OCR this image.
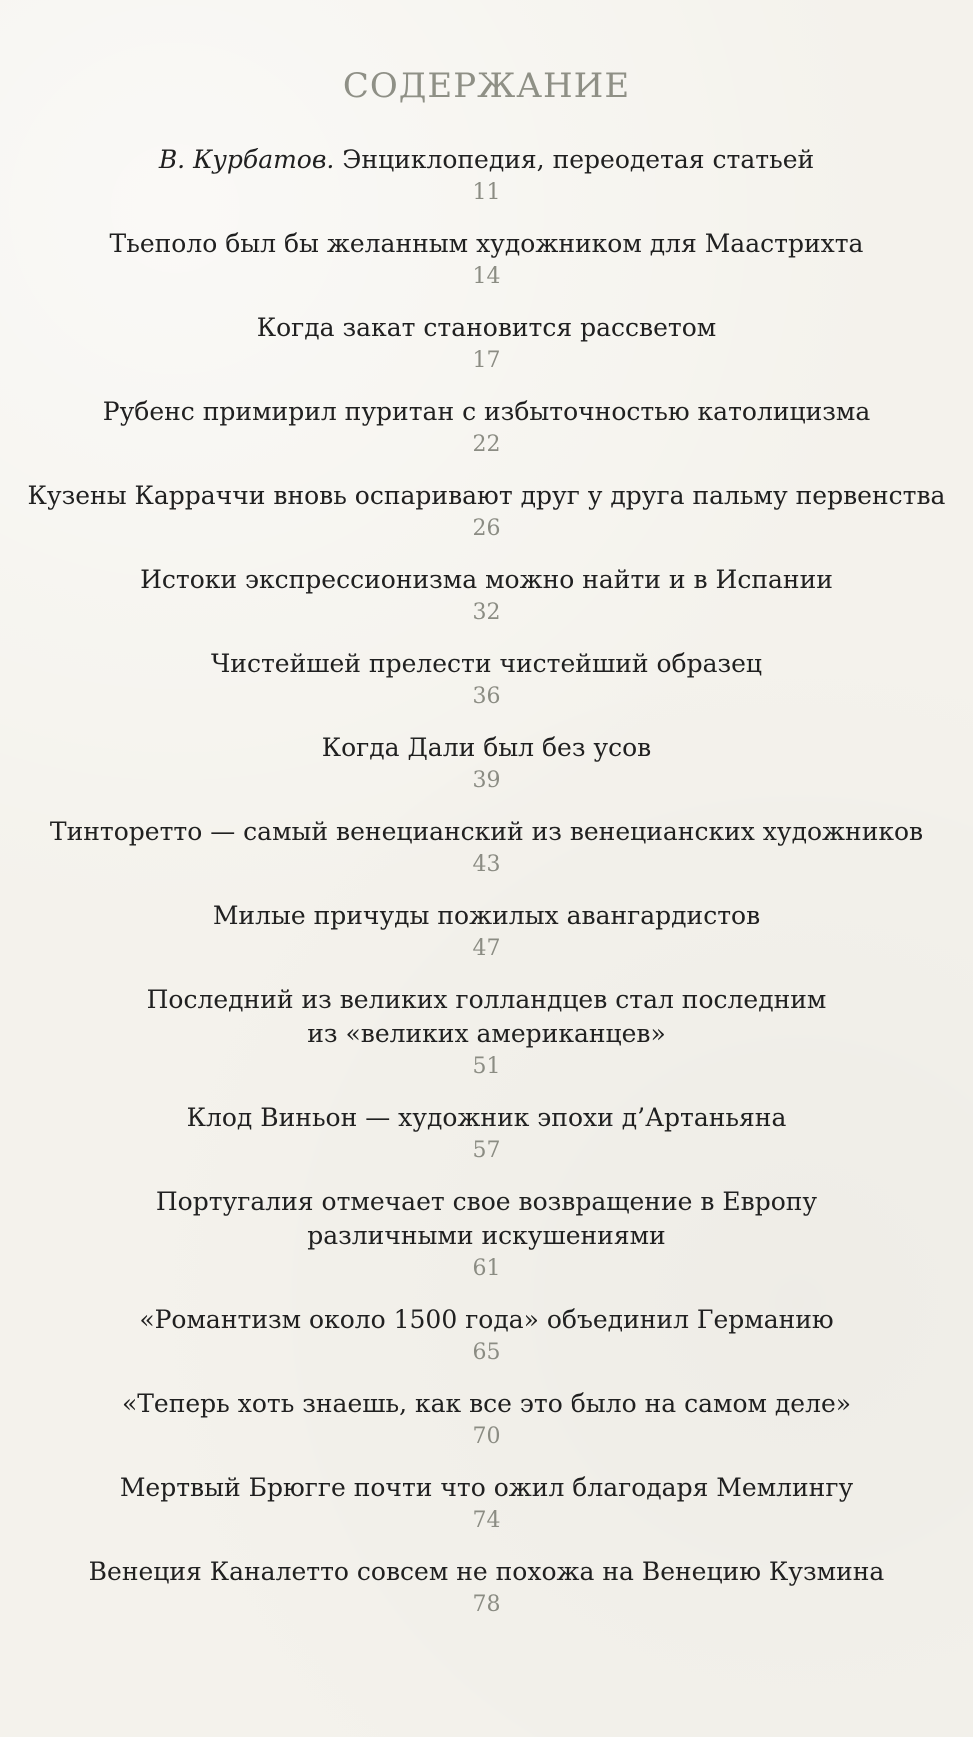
СОДЕРЖАНИЕ
В. Курбатов. Энциклопедия, переодетая статьей
11
Тьеполо был бы желанным художником для Маастрихта
14
Когда закат становится рассветом
17
Рубенс примирил пуритан с избыточностью католицизма
22
Кузены Карраччи вновь оспаривают друг у друга пальму первенства
26
Истоки экспрессионизма можно найти и в Испании
32
Чистейшей прелести чистейший образец
36
Когда Дали был без усов
39
Тинторетто — самый венецианский из венецианских художников
43
Милые причуды пожилых авангардистов
47
Последний из великих голландцев стал последним
из «великих американцев»
51
Клод Виньон — художник эпохи д’Артаньяна
57
Португалия отмечает свое возвращение в Европу
различными искушениями
61
«Романтизм около 1500 года» объединил Германию
65
«Теперь хоть знаешь, как все это было на самом деле»
70
Мертвый Брюгге почти что ожил благодаря Мемлингу
74
Венеция Каналетто совсем не похожа на Венецию Кузмина
78
